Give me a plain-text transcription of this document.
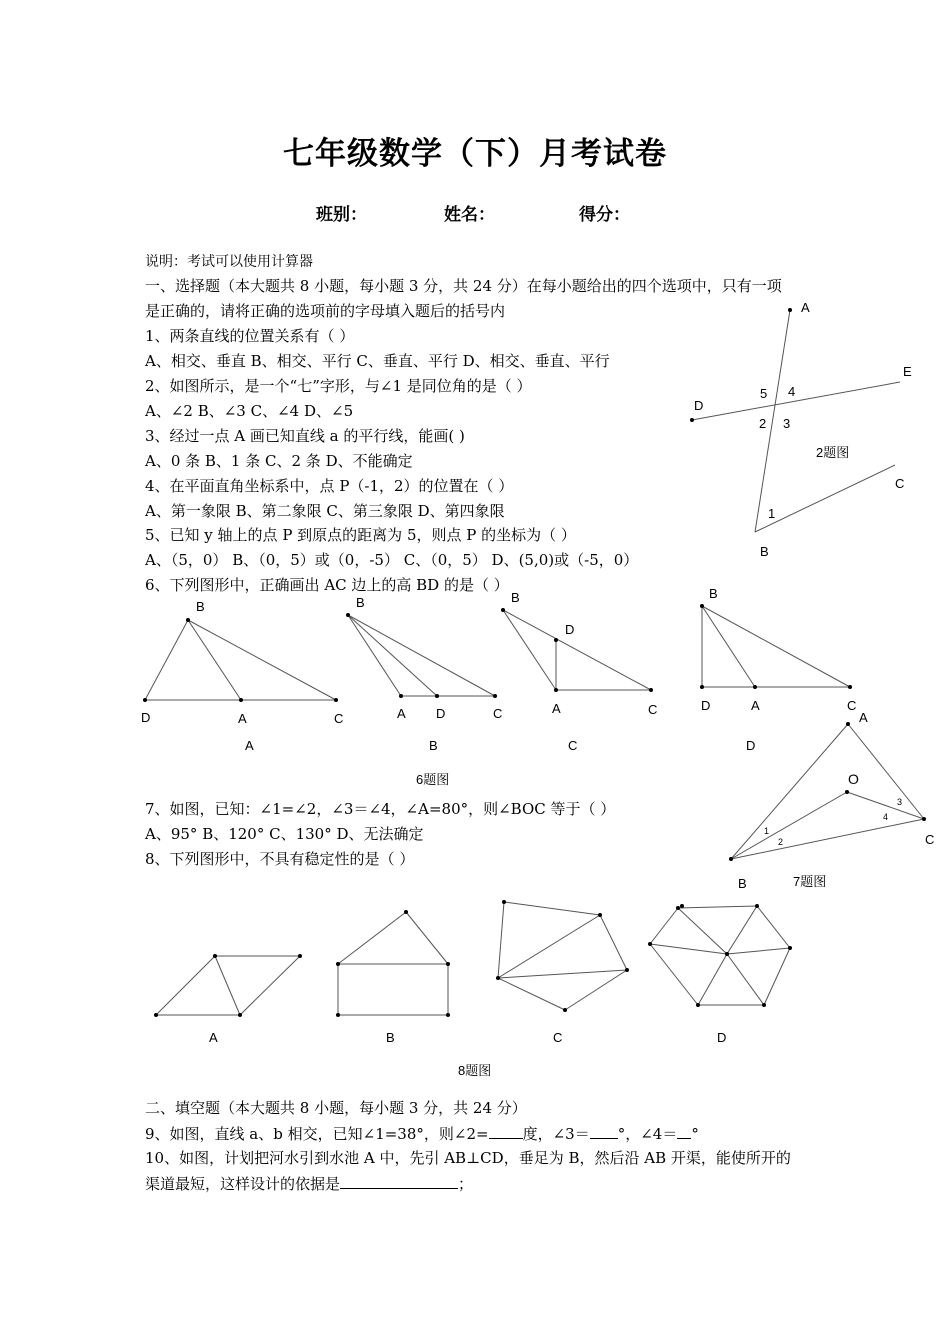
七年级数学（下）月考试卷
班别：	姓名：	得分：
说明：考试可以使用计算器
一、选择题（本大题共 8 小题，每小题 3 分，共 24 分）在每小题给出的四个选项中，只有一项
是正确的，请将正确的选项前的字母填入题后的括号内
1、两条直线的位置关系有（ ）
A、相交、垂直 B、相交、平行 C、垂直、平行 D、相交、垂直、平行
2、如图所示，是一个“七”字形，与∠1 是同位角的是（ ）
A、∠2 B、∠3 C、∠4 D、∠5
3、经过一点 A 画已知直线 a 的平行线，能画( )
A、0 条 B、1 条 C、2 条 D、不能确定
4、在平面直角坐标系中，点 P（-1，2）的位置在（ ）
A、第一象限 B、第二象限 C、第三象限 D、第四象限
5、已知 y 轴上的点 P 到原点的距离为 5，则点 P 的坐标为（ ）
A、（5，0） B、（0，5）或（0，-5） C、（0，5） D、(5,0)或（-5，0）
6、下列图形中，正确画出 AC 边上的高 BD 的是（ ）
A
E
D
5 4
2 3
2题图
C
1
B
B
D	A	C
B
A D	C
B
D
A	C
B
D	A	C
A	B	C	D
6题图
A
O
3
4
1
2	C
7题图
B
7、如图，已知：∠1=∠2，∠3＝∠4，∠A=80°，则∠BOC 等于（ ）
A、95° B、120° C、130° D、无法确定
8、下列图形中，不具有稳定性的是（ ）
A	B	C	D
8题图
二、填空题（本大题共 8 小题，每小题 3 分，共 24 分）
9、如图，直线 a、b 相交，已知∠1=38°，则∠2= 度，∠3＝ °，∠4＝ °
10、如图，计划把河水引到水池 A 中，先引 AB⊥CD，垂足为 B，然后沿 AB 开渠，能使所开的
渠道最短，这样设计的依据是	；
